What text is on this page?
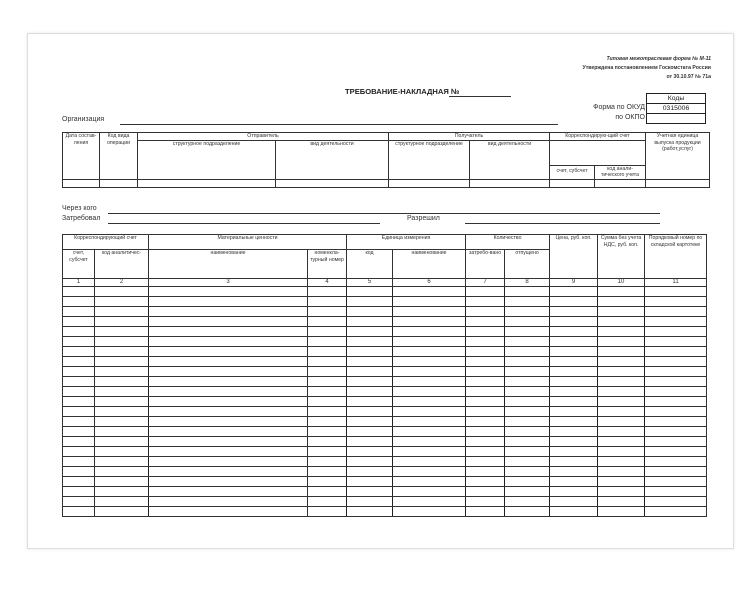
Типовая межотраслевая форма № М-11
Утверждена постановлением Госкомстата России
от 30.10.97 № 71а
ТРЕБОВАНИЕ-НАКЛАДНАЯ №
Коды
0315006

Форма по ОКУД
по ОКПО
Организация
Дата состав-ления	Код вида операции	Отправитель		Получатель		Корреспондирую-щий счет		Учетная единица выпуска продукции (работ,услуг)
		структурное подразделение	вид деятельности	структурное подразделение	вид деятельности			
						счет, субсчет	код анали-тического учета	

Через кого
Затребовал	Разрешил
Корреспондирующий счет		Материальные ценности		Единица измерения		Количество		Цена, руб. коп.	Сумма без учета НДС, руб. коп.	Порядковый номер по складской картотеке
счет, субсчет	код аналитичес-	наименование	номенкла-турный номер	код	наименование	затребо-вано	отпущено			
1	2	3	4	5	6	7	8	9	10	11
